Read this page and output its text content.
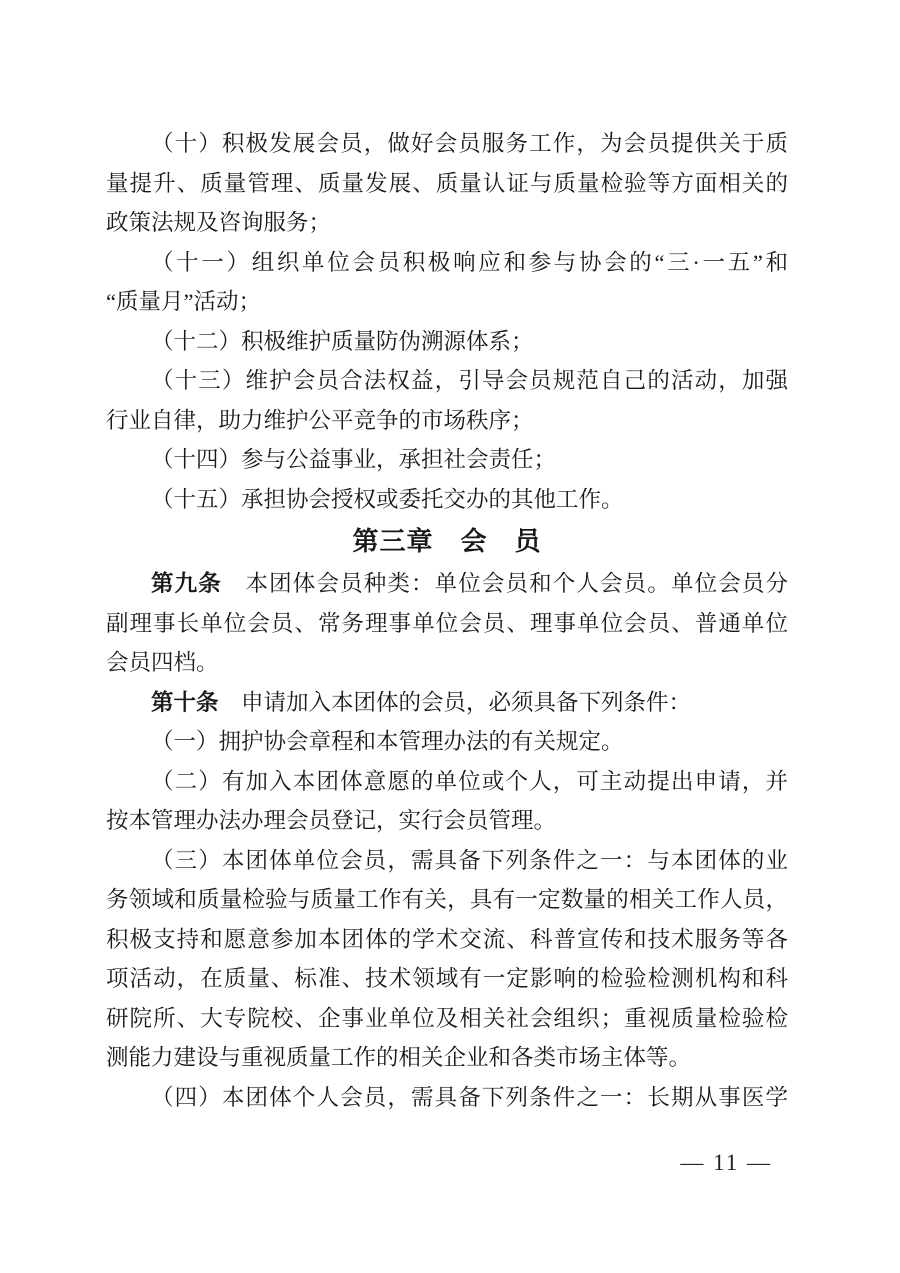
（十）积极发展会员，做好会员服务工作，为会员提供关于质
量提升、质量管理、质量发展、质量认证与质量检验等方面相关的
政策法规及咨询服务；
（十一）组织单位会员积极响应和参与协会的“三·一五”和
“质量月”活动；
（十二）积极维护质量防伪溯源体系；
（十三）维护会员合法权益，引导会员规范自己的活动，加强
行业自律，助力维护公平竞争的市场秩序；
（十四）参与公益事业，承担社会责任；
（十五）承担协会授权或委托交办的其他工作。
第三章　会　员
第九条　本团体会员种类：单位会员和个人会员。单位会员分
副理事长单位会员、常务理事单位会员、理事单位会员、普通单位
会员四档。
第十条　申请加入本团体的会员，必须具备下列条件：
（一）拥护协会章程和本管理办法的有关规定。
（二）有加入本团体意愿的单位或个人，可主动提出申请，并
按本管理办法办理会员登记，实行会员管理。
（三）本团体单位会员，需具备下列条件之一：与本团体的业
务领域和质量检验与质量工作有关，具有一定数量的相关工作人员，
积极支持和愿意参加本团体的学术交流、科普宣传和技术服务等各
项活动，在质量、标准、技术领域有一定影响的检验检测机构和科
研院所、大专院校、企事业单位及相关社会组织；重视质量检验检
测能力建设与重视质量工作的相关企业和各类市场主体等。
（四）本团体个人会员，需具备下列条件之一：长期从事医学
— 11 —
